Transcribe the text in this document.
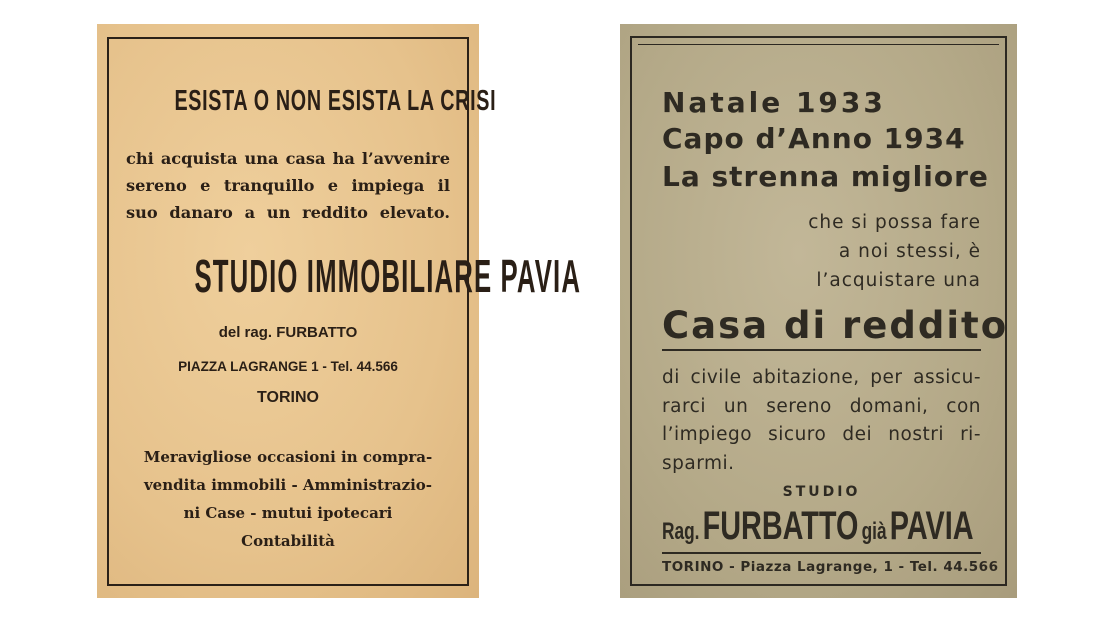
ESISTA O NON ESISTA LA CRISI
chi acquista una casa ha l’avvenire
sereno e tranquillo e impiega il
suo danaro a un reddito elevato.
STUDIO IMMOBILIARE PAVIA
del rag. FURBATTO
PIAZZA LAGRANGE 1 - Tel. 44.566
TORINO
Meravigliose occasioni in compra-
vendita immobili - Amministrazio-
ni Case - mutui ipotecari
Contabilità
Natale 1933
Capo d’Anno 1934
La strenna migliore
che si possa fare
a noi stessi, è
l’acquistare una
Casa di reddito
di civile abitazione, per assicu-
rarci un sereno domani, con
l’impiego sicuro dei nostri ri-
sparmi.
STUDIO
Rag. FURBATTO già PAVIA
TORINO - Piazza Lagrange, 1 - Tel. 44.566
